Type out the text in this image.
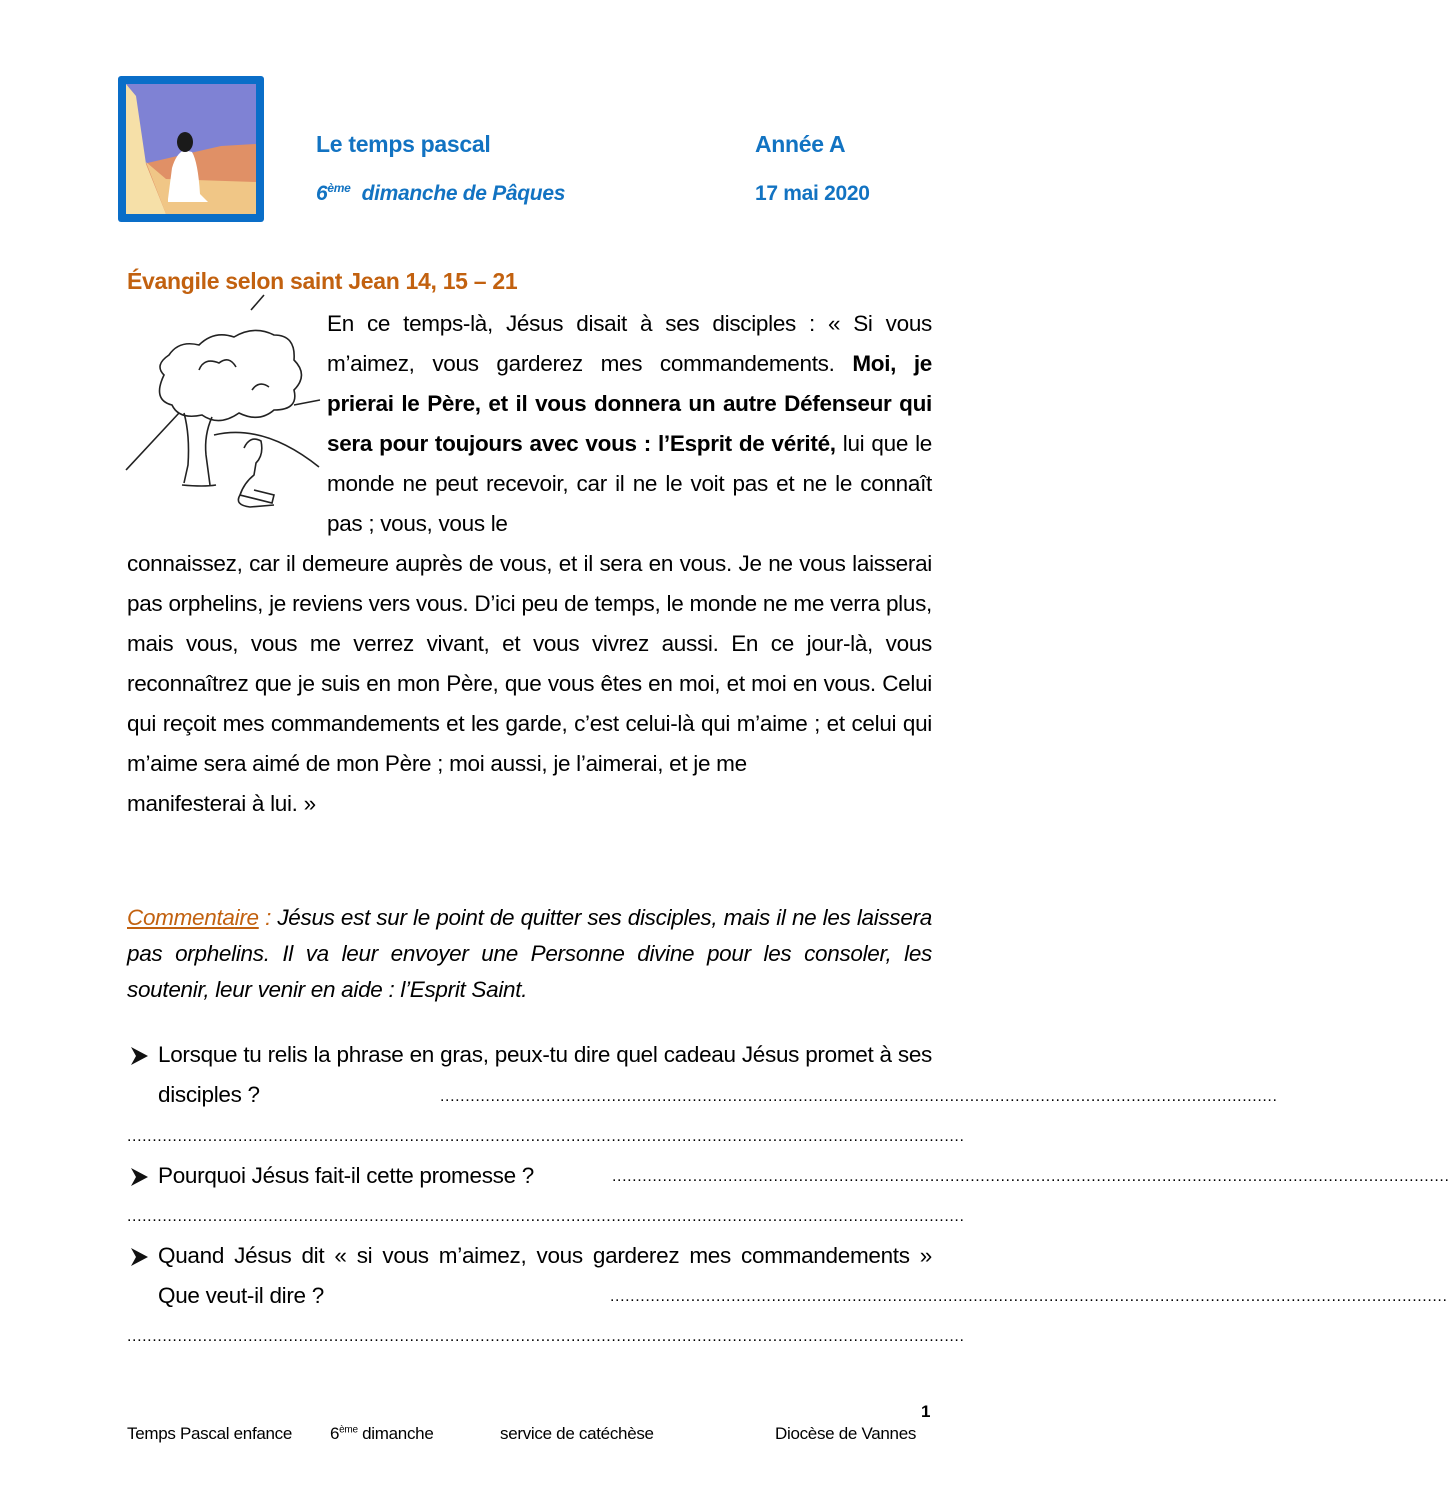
Le temps pascal	Année A
6ème dimanche de Pâques	17 mai 2020
Évangile selon saint Jean 14, 15 – 21
En ce temps-là, Jésus disait à ses disciples : « Si vous m’aimez, vous garderez mes commandements. Moi, je prierai le Père, et il vous donnera un autre Défenseur qui sera pour toujours avec vous : l’Esprit de vérité, lui que le monde ne peut recevoir, car il ne le voit pas et ne le connaît pas ; vous, vous le
connaissez, car il demeure auprès de vous, et il sera en vous. Je ne vous laisserai pas orphelins, je reviens vers vous. D’ici peu de temps, le monde ne me verra plus, mais vous, vous me verrez vivant, et vous vivrez aussi. En ce jour-là, vous reconnaîtrez que je suis en mon Père, que vous êtes en moi, et moi en vous. Celui qui reçoit mes commandements et les garde, c’est celui-là qui m’aime ; et celui qui m’aime sera aimé de mon Père ; moi aussi, je l’aimerai, et je me
manifesterai à lui. »
Commentaire : Jésus est sur le point de quitter ses disciples, mais il ne les laissera pas orphelins. Il va leur envoyer une Personne divine pour les consoler, les soutenir, leur venir en aide : l’Esprit Saint.
Lorsque tu relis la phrase en gras, peux-tu dire quel cadeau Jésus promet à ses disciples ?	......................................................................................................................................................................
......................................................................................................................................................................
Pourquoi Jésus fait-il cette promesse ?	......................................................................................................................................................................
......................................................................................................................................................................
Quand Jésus dit « si vous m’aimez, vous garderez mes commandements » Que veut-il dire ?	......................................................................................................................................................................
......................................................................................................................................................................
1
Temps Pascal enfance 6ème dimanche	service de catéchèse	Diocèse de Vannes
